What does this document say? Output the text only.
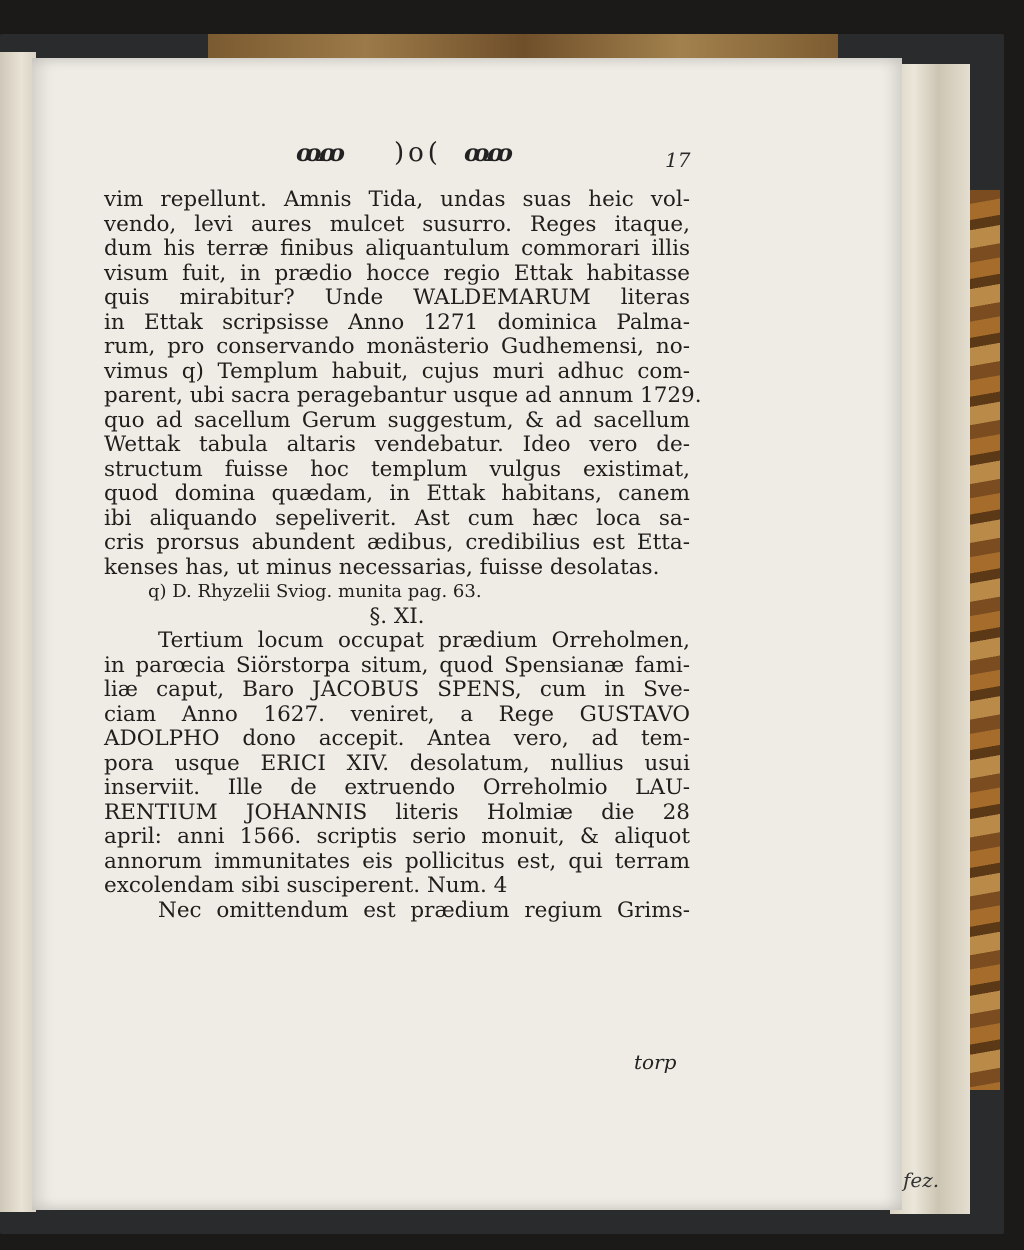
ꝏ꜡ꝏ )o( ꝏ꜡ꝏ	17
vim repellunt. Amnis Tida, undas suas heic vol-
vendo, levi aures mulcet susurro. Reges itaque,
dum his terræ finibus aliquantulum commorari illis
visum fuit, in prædio hocce regio Ettak habitasse
quis mirabitur? Unde WALDEMARUM literas
in Ettak scripsisse Anno 1271 dominica Palma-
rum, pro conservando monästerio Gudhemensi, no-
vimus q) Templum habuit, cujus muri adhuc com-
parent, ubi sacra peragebantur usque ad annum 1729.
quo ad sacellum Gerum suggestum, & ad sacellum
Wettak tabula altaris vendebatur. Ideo vero de-
structum fuisse hoc templum vulgus existimat,
quod domina quædam, in Ettak habitans, canem
ibi aliquando sepeliverit. Ast cum hæc loca sa-
cris prorsus abundent ædibus, credibilius est Etta-
kenses has, ut minus necessarias, fuisse desolatas.
q) D. Rhyzelii Sviog. munita pag. 63.
§. XI.
Tertium locum occupat prædium Orreholmen,
in parœcia Siörstorpa situm, quod Spensianæ fami-
liæ caput, Baro JACOBUS SPENS, cum in Sve-
ciam Anno 1627. veniret, a Rege GUSTAVO
ADOLPHO dono accepit. Antea vero, ad tem-
pora usque ERICI XIV. desolatum, nullius usui
inserviit. Ille de extruendo Orreholmio LAU-
RENTIUM JOHANNIS literis Holmiæ die 28
april: anni 1566. scriptis serio monuit, & aliquot
annorum immunitates eis pollicitus est, qui terram
excolendam sibi susciperent. Num. 4
Nec omittendum est prædium regium Grims-
torp
fez.
